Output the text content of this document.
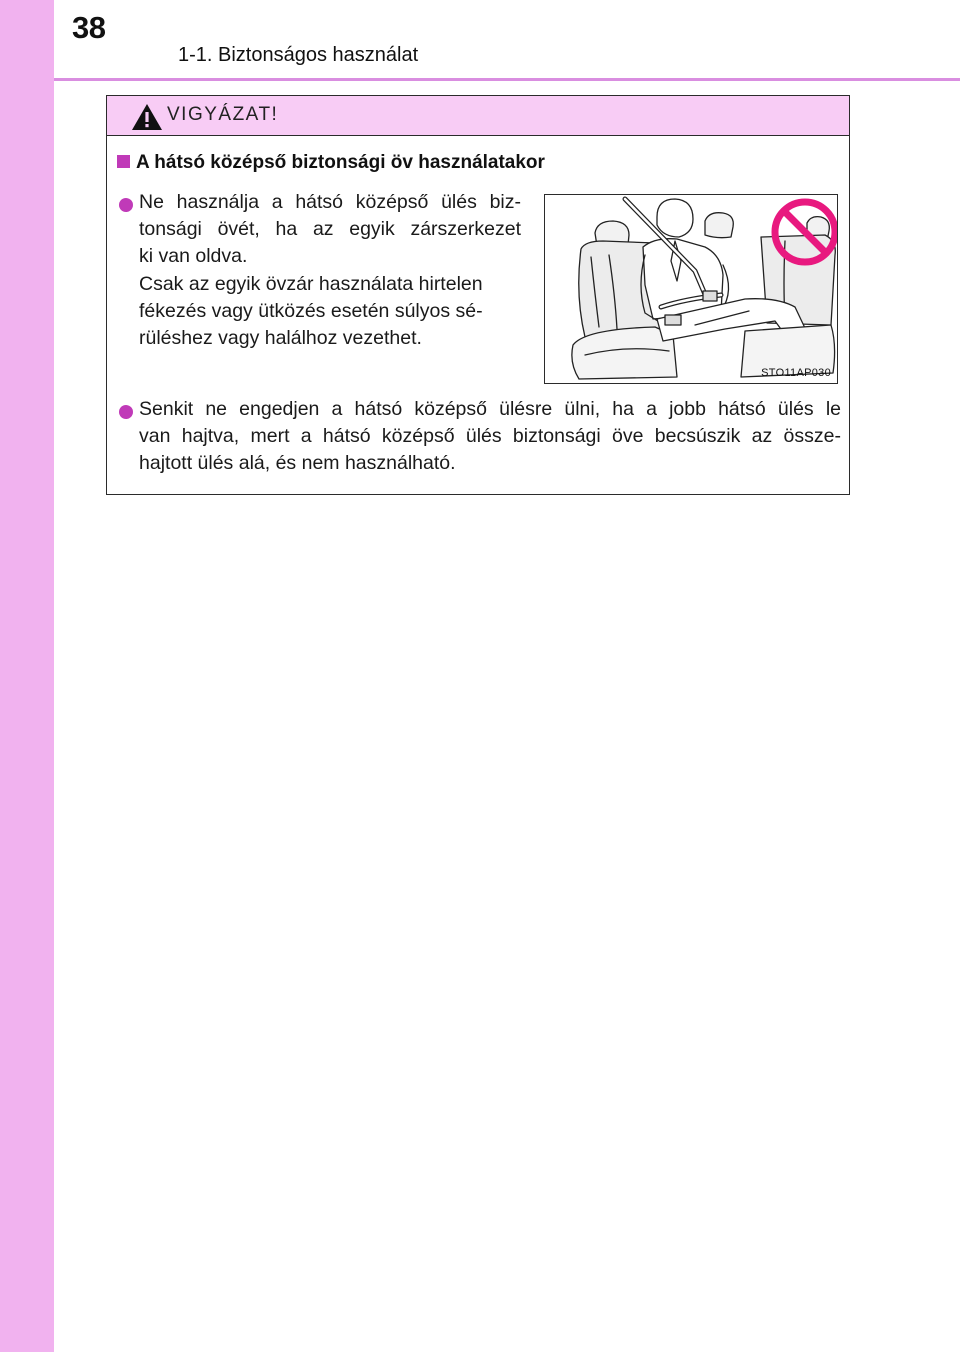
38
1-1. Biztonságos használat
VIGYÁZAT!
A hátsó középső biztonsági öv használatakor

Ne használja a hátsó középső ülés biz-
tonsági övét, ha az egyik zárszerkezet
ki van oldva.

Csak az egyik övzár használata hirtelen
fékezés vagy ütközés esetén súlyos sé-
rüléshez vagy halálhoz vezethet.

STO11AP030

Senkit ne engedjen a hátsó középső ülésre ülni, ha a jobb hátsó ülés le
van hajtva, mert a hátsó középső ülés biztonsági öve becsúszik az össze-
hajtott ülés alá, és nem használható.
